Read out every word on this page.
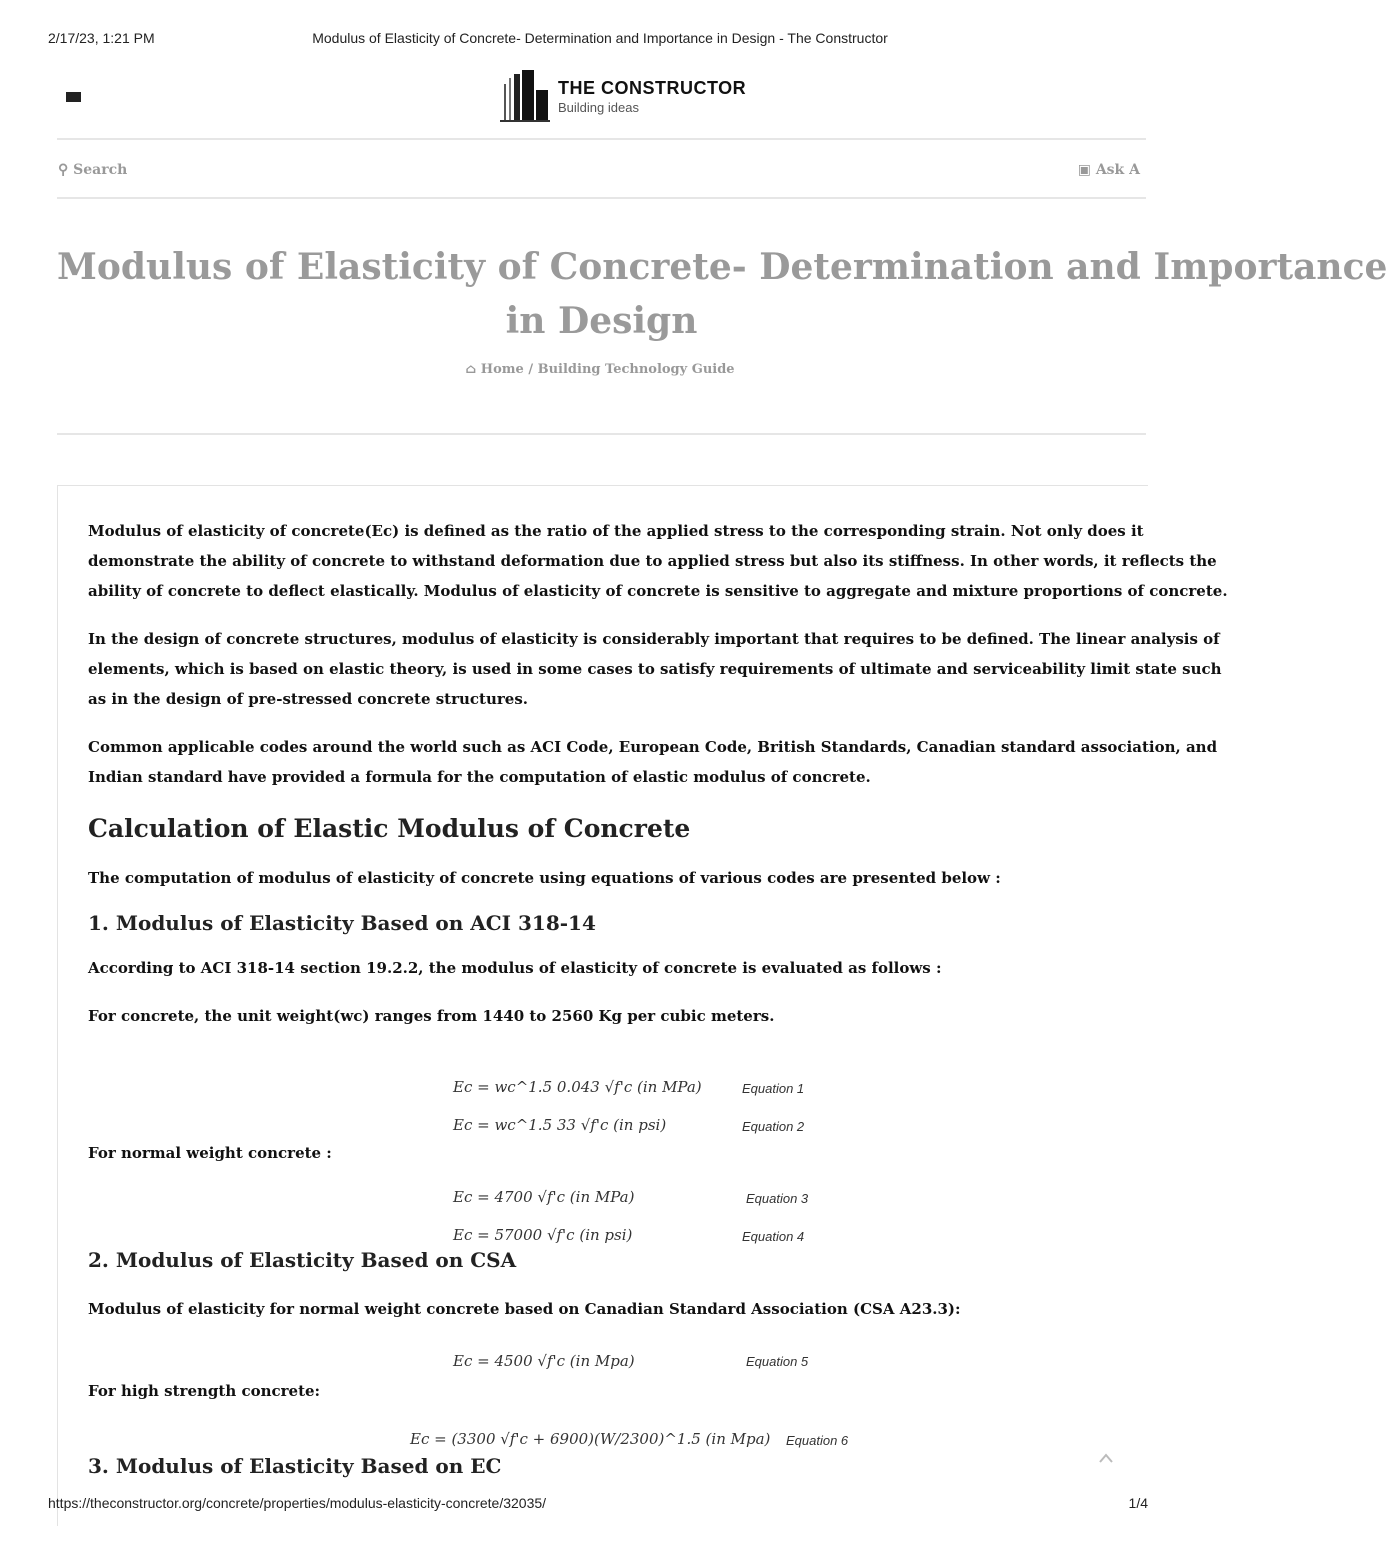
2/17/23, 1:21 PM	Modulus of Elasticity of Concrete- Determination and Importance in Design - The Constructor
THE CONSTRUCTOR
Building ideas
⚲ Search	▣ Ask A
Modulus of Elasticity of Concrete- Determination and Importance
in Design
⌂ Home / Building Technology Guide

Modulus of elasticity of concrete(Ec) is defined as the ratio of the applied stress to the corresponding strain. Not only does it
demonstrate the ability of concrete to withstand deformation due to applied stress but also its stiffness. In other words, it reflects the
ability of concrete to deflect elastically. Modulus of elasticity of concrete is sensitive to aggregate and mixture proportions of concrete.

In the design of concrete structures, modulus of elasticity is considerably important that requires to be defined. The linear analysis of
elements, which is based on elastic theory, is used in some cases to satisfy requirements of ultimate and serviceability limit state such
as in the design of pre-stressed concrete structures.

Common applicable codes around the world such as ACI Code, European Code, British Standards, Canadian standard association, and
Indian standard have provided a formula for the computation of elastic modulus of concrete.

Calculation of Elastic Modulus of Concrete

The computation of modulus of elasticity of concrete using equations of various codes are presented below :

1. Modulus of Elasticity Based on ACI 318-14

According to ACI 318-14 section 19.2.2, the modulus of elasticity of concrete is evaluated as follows :

For concrete, the unit weight(wc) ranges from 1440 to 2560 Kg per cubic meters.

Ec = wc^1.5 0.043 √f'c (in MPa)	Equation 1
Ec = wc^1.5 33 √f'c (in psi)	Equation 2
For normal weight concrete :
Ec = 4700 √f'c (in MPa)	Equation 3
Ec = 57000 √f'c (in psi)	Equation 4
2. Modulus of Elasticity Based on CSA
Modulus of elasticity for normal weight concrete based on Canadian Standard Association (CSA A23.3):
Ec = 4500 √f'c (in Mpa)	Equation 5
For high strength concrete:
Ec = (3300 √f'c + 6900)(W/2300)^1.5 (in Mpa) Equation 6
3. Modulus of Elasticity Based on EC
https://theconstructor.org/concrete/properties/modulus-elasticity-concrete/32035/	1/4
